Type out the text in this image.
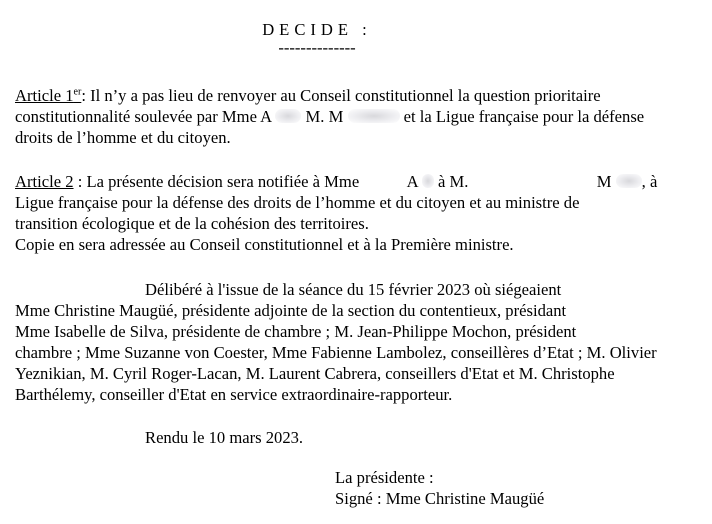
DECIDE :
--------------
Article 1er: Il n’y a pas lieu de renvoyer au Conseil constitutionnel la question prioritaire
constitutionnalité soulevée par Mme A M. M	et la Ligue française pour la défense
droits de l’homme et du citoyen.
Article 2 : La présente décision sera notifiée à Mme	A à M.	M , à
Ligue française pour la défense des droits de l’homme et du citoyen et au ministre de
transition écologique et de la cohésion des territoires.
Copie en sera adressée au Conseil constitutionnel et à la Première ministre.
Délibéré à l'issue de la séance du 15 février 2023 où siégeaient
Mme Christine Maugüé, présidente adjointe de la section du contentieux, présidant
Mme Isabelle de Silva, présidente de chambre ; M. Jean-Philippe Mochon, président
chambre ; Mme Suzanne von Coester, Mme Fabienne Lambolez, conseillères d’Etat ; M. Olivier
Yeznikian, M. Cyril Roger-Lacan, M. Laurent Cabrera, conseillers d'Etat et M. Christophe
Barthélemy, conseiller d'Etat en service extraordinaire-rapporteur.
Rendu le 10 mars 2023.
La présidente :
Signé : Mme Christine Maugüé
